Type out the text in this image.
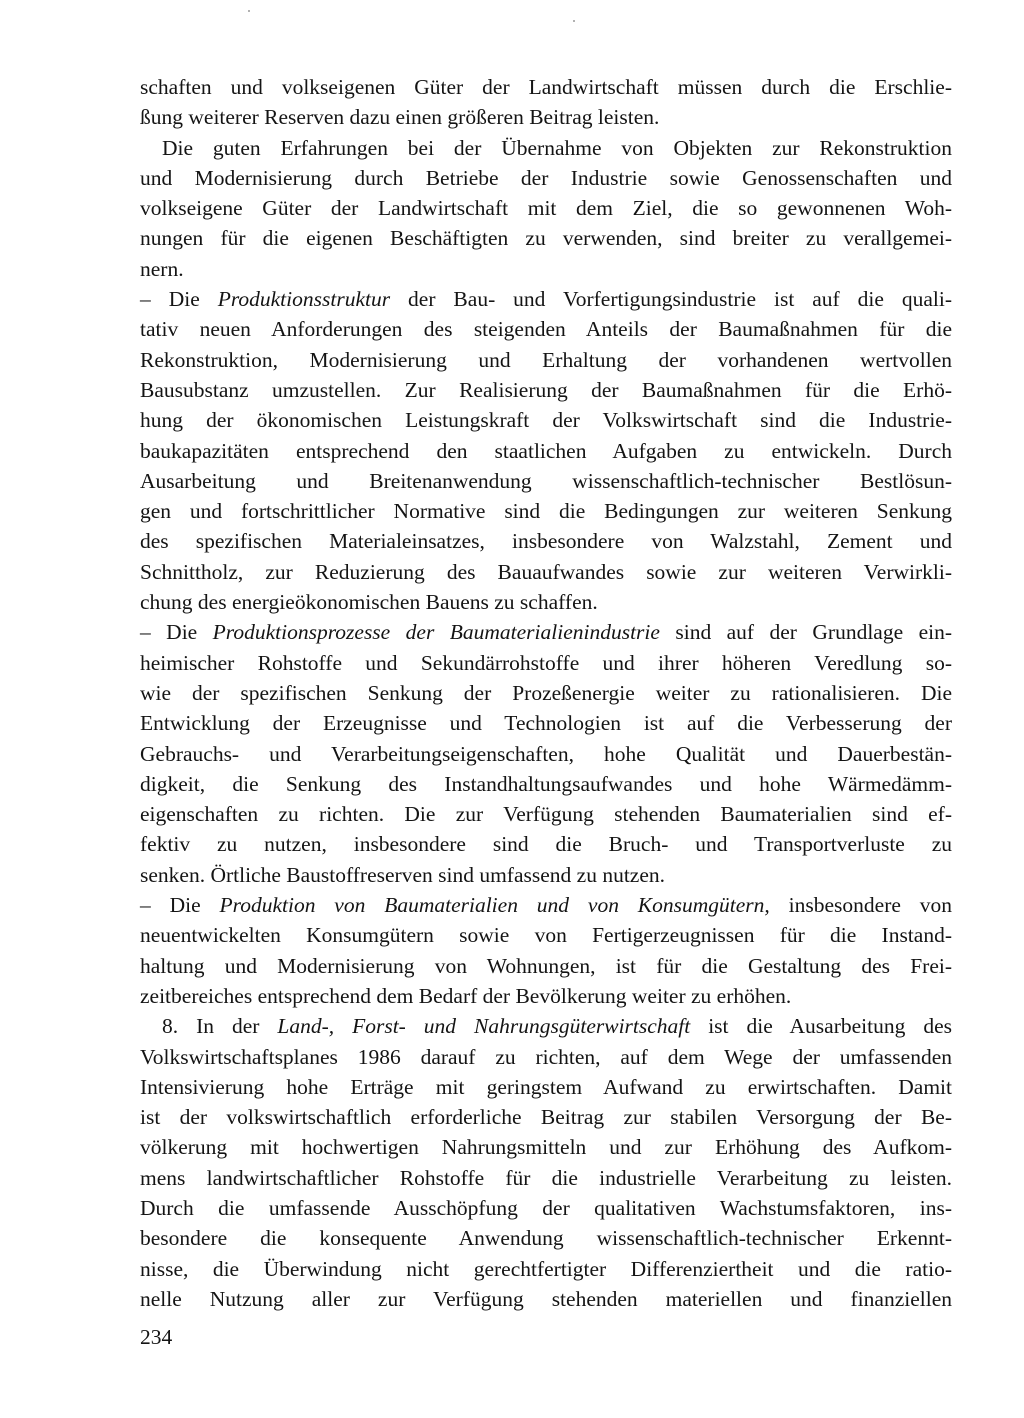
schaften und volkseigenen Güter der Landwirtschaft müssen durch die Erschlie-
ßung weiterer Reserven dazu einen größeren Beitrag leisten.
Die guten Erfahrungen bei der Übernahme von Objekten zur Rekonstruktion
und Modernisierung durch Betriebe der Industrie sowie Genossenschaften und
volkseigene Güter der Landwirtschaft mit dem Ziel, die so gewonnenen Woh-
nungen für die eigenen Beschäftigten zu verwenden, sind breiter zu verallgemei-
nern.
– Die Produktionsstruktur der Bau- und Vorfertigungsindustrie ist auf die quali-
tativ neuen Anforderungen des steigenden Anteils der Baumaßnahmen für die
Rekonstruktion, Modernisierung und Erhaltung der vorhandenen wertvollen
Bausubstanz umzustellen. Zur Realisierung der Baumaßnahmen für die Erhö-
hung der ökonomischen Leistungskraft der Volkswirtschaft sind die Industrie-
baukapazitäten entsprechend den staatlichen Aufgaben zu entwickeln. Durch
Ausarbeitung und Breitenanwendung wissenschaftlich-technischer Bestlösun-
gen und fortschrittlicher Normative sind die Bedingungen zur weiteren Senkung
des spezifischen Materialeinsatzes, insbesondere von Walzstahl, Zement und
Schnittholz, zur Reduzierung des Bauaufwandes sowie zur weiteren Verwirkli-
chung des energieökonomischen Bauens zu schaffen.
– Die Produktionsprozesse der Baumaterialienindustrie sind auf der Grundlage ein-
heimischer Rohstoffe und Sekundärrohstoffe und ihrer höheren Veredlung so-
wie der spezifischen Senkung der Prozeßenergie weiter zu rationalisieren. Die
Entwicklung der Erzeugnisse und Technologien ist auf die Verbesserung der
Gebrauchs- und Verarbeitungseigenschaften, hohe Qualität und Dauerbestän-
digkeit, die Senkung des Instandhaltungsaufwandes und hohe Wärmedämm-
eigenschaften zu richten. Die zur Verfügung stehenden Baumaterialien sind ef-
fektiv zu nutzen, insbesondere sind die Bruch- und Transportverluste zu
senken. Örtliche Baustoffreserven sind umfassend zu nutzen.
– Die Produktion von Baumaterialien und von Konsumgütern, insbesondere von
neuentwickelten Konsumgütern sowie von Fertigerzeugnissen für die Instand-
haltung und Modernisierung von Wohnungen, ist für die Gestaltung des Frei-
zeitbereiches entsprechend dem Bedarf der Bevölkerung weiter zu erhöhen.
8. In der Land-, Forst- und Nahrungsgüterwirtschaft ist die Ausarbeitung des
Volkswirtschaftsplanes 1986 darauf zu richten, auf dem Wege der umfassenden
Intensivierung hohe Erträge mit geringstem Aufwand zu erwirtschaften. Damit
ist der volkswirtschaftlich erforderliche Beitrag zur stabilen Versorgung der Be-
völkerung mit hochwertigen Nahrungsmitteln und zur Erhöhung des Aufkom-
mens landwirtschaftlicher Rohstoffe für die industrielle Verarbeitung zu leisten.
Durch die umfassende Ausschöpfung der qualitativen Wachstumsfaktoren, ins-
besondere die konsequente Anwendung wissenschaftlich-technischer Erkennt-
nisse, die Überwindung nicht gerechtfertigter Differenziertheit und die ratio-
nelle Nutzung aller zur Verfügung stehenden materiellen und finanziellen
234
